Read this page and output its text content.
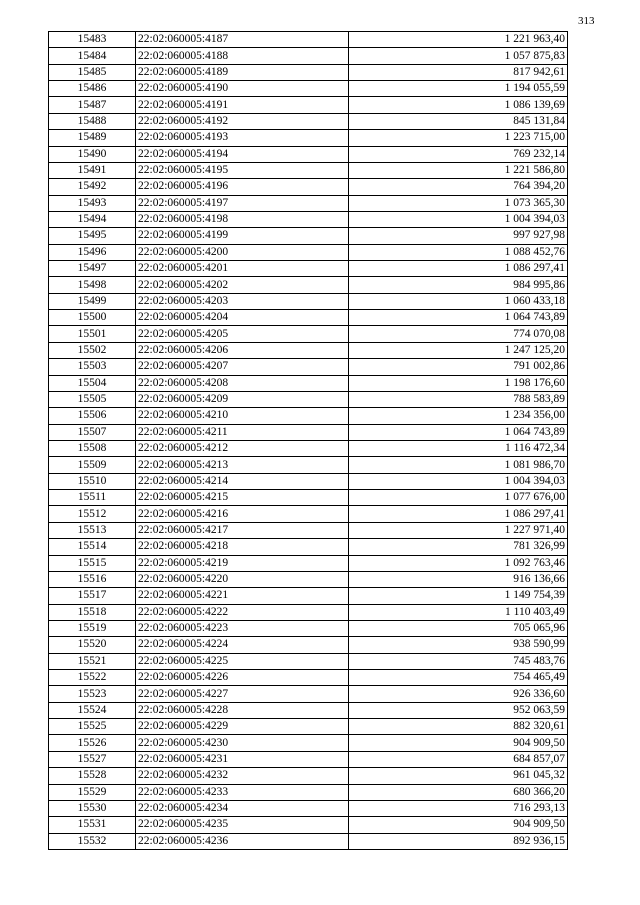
313
15483	22:02:060005:4187	1 221 963,40
15484	22:02:060005:4188	1 057 875,83
15485	22:02:060005:4189	817 942,61
15486	22:02:060005:4190	1 194 055,59
15487	22:02:060005:4191	1 086 139,69
15488	22:02:060005:4192	845 131,84
15489	22:02:060005:4193	1 223 715,00
15490	22:02:060005:4194	769 232,14
15491	22:02:060005:4195	1 221 586,80
15492	22:02:060005:4196	764 394,20
15493	22:02:060005:4197	1 073 365,30
15494	22:02:060005:4198	1 004 394,03
15495	22:02:060005:4199	997 927,98
15496	22:02:060005:4200	1 088 452,76
15497	22:02:060005:4201	1 086 297,41
15498	22:02:060005:4202	984 995,86
15499	22:02:060005:4203	1 060 433,18
15500	22:02:060005:4204	1 064 743,89
15501	22:02:060005:4205	774 070,08
15502	22:02:060005:4206	1 247 125,20
15503	22:02:060005:4207	791 002,86
15504	22:02:060005:4208	1 198 176,60
15505	22:02:060005:4209	788 583,89
15506	22:02:060005:4210	1 234 356,00
15507	22:02:060005:4211	1 064 743,89
15508	22:02:060005:4212	1 116 472,34
15509	22:02:060005:4213	1 081 986,70
15510	22:02:060005:4214	1 004 394,03
15511	22:02:060005:4215	1 077 676,00
15512	22:02:060005:4216	1 086 297,41
15513	22:02:060005:4217	1 227 971,40
15514	22:02:060005:4218	781 326,99
15515	22:02:060005:4219	1 092 763,46
15516	22:02:060005:4220	916 136,66
15517	22:02:060005:4221	1 149 754,39
15518	22:02:060005:4222	1 110 403,49
15519	22:02:060005:4223	705 065,96
15520	22:02:060005:4224	938 590,99
15521	22:02:060005:4225	745 483,76
15522	22:02:060005:4226	754 465,49
15523	22:02:060005:4227	926 336,60
15524	22:02:060005:4228	952 063,59
15525	22:02:060005:4229	882 320,61
15526	22:02:060005:4230	904 909,50
15527	22:02:060005:4231	684 857,07
15528	22:02:060005:4232	961 045,32
15529	22:02:060005:4233	680 366,20
15530	22:02:060005:4234	716 293,13
15531	22:02:060005:4235	904 909,50
15532	22:02:060005:4236	892 936,15
